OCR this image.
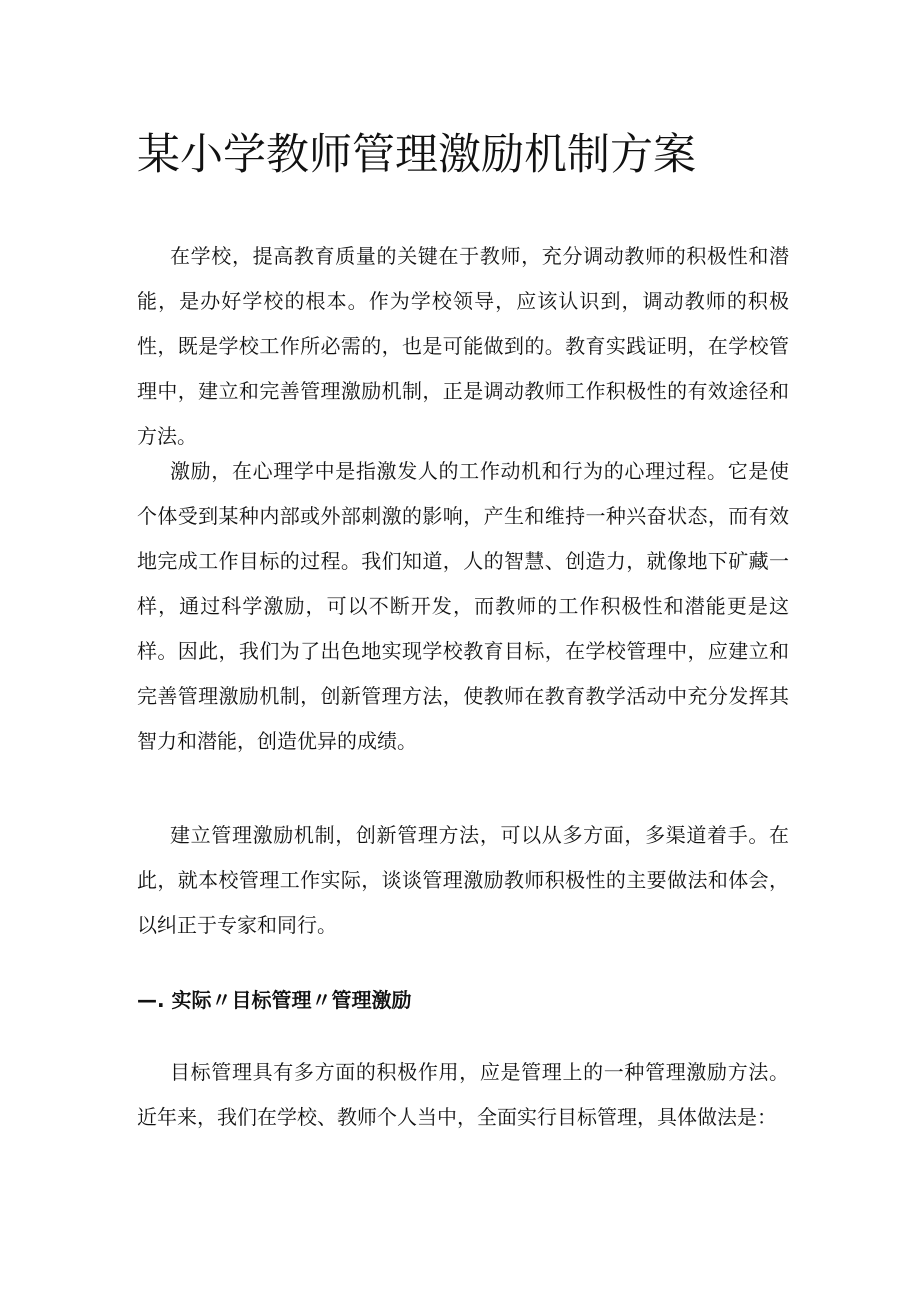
某小学教师管理激励机制方案

在学校，提高教育质量的关键在于教师，充分调动教师的积极性和潜能，是办好学校的根本。作为学校领导，应该认识到，调动教师的积极性，既是学校工作所必需的，也是可能做到的。教育实践证明，在学校管理中，建立和完善管理激励机制，正是调动教师工作积极性的有效途径和方法。

激励，在心理学中是指激发人的工作动机和行为的心理过程。它是使个体受到某种内部或外部刺激的影响，产生和维持一种兴奋状态，而有效地完成工作目标的过程。我们知道，人的智慧、创造力，就像地下矿藏一样，通过科学激励，可以不断开发，而教师的工作积极性和潜能更是这样。因此，我们为了出色地实现学校教育目标，在学校管理中，应建立和完善管理激励机制，创新管理方法，使教师在教育教学活动中充分发挥其智力和潜能，创造优异的成绩。

建立管理激励机制，创新管理方法，可以从多方面，多渠道着手。在此，就本校管理工作实际，谈谈管理激励教师积极性的主要做法和体会，以纠正于专家和同行。

—. 实际〃目标管理〃管理激励

目标管理具有多方面的积极作用，应是管理上的一种管理激励方法。近年来，我们在学校、教师个人当中，全面实行目标管理，具体做法是：
